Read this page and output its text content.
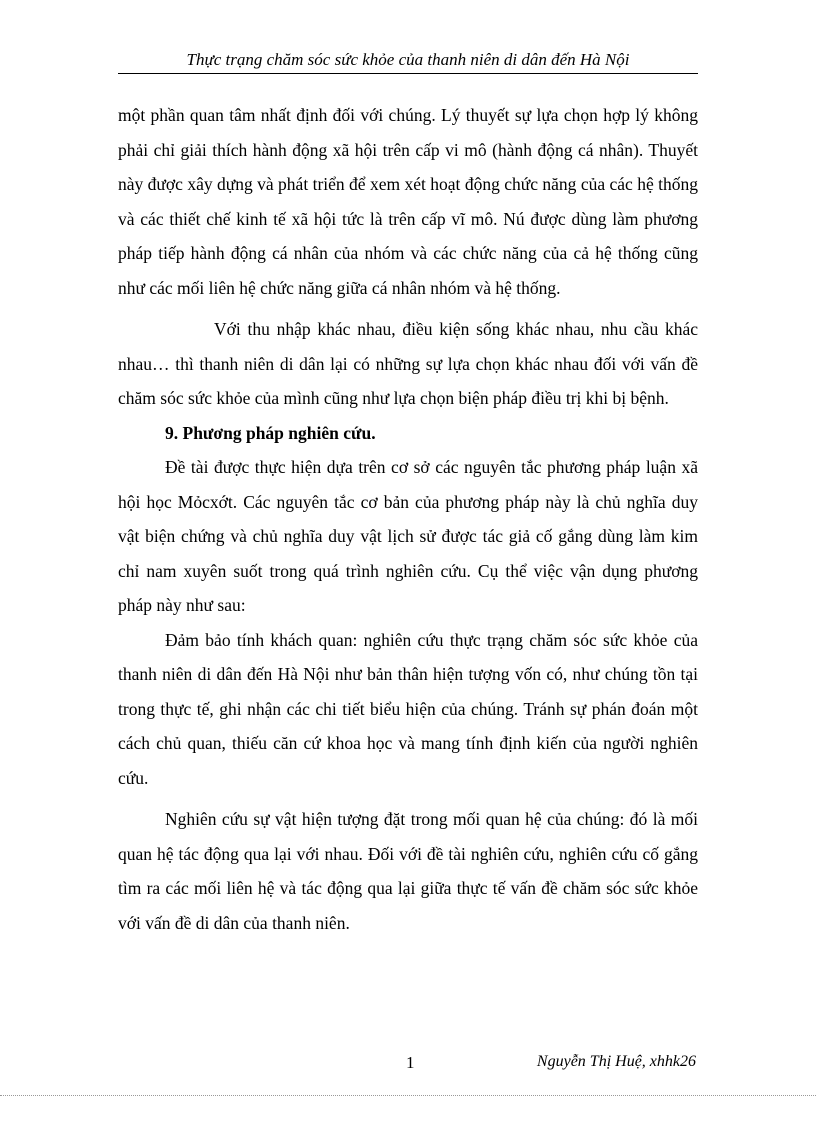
Thực trạng chăm sóc sức khỏe của thanh niên di dân đến Hà Nội

một phần quan tâm nhất định đối với chúng. Lý thuyết sự lựa chọn hợp lý không phải chỉ giải thích hành động xã hội trên cấp vi mô (hành động cá nhân). Thuyết này được xây dựng và phát triển để xem xét hoạt động chức năng của các hệ thống và các thiết chế kinh tế xã hội tức là trên cấp vĩ mô. Nú được dùng làm phương pháp tiếp hành động cá nhân của nhóm và các chức năng của cả hệ thống cũng như các mối liên hệ chức năng giữa cá nhân nhóm và hệ thống.

Với thu nhập khác nhau, điều kiện sống khác nhau, nhu cầu khác nhau… thì thanh niên di dân lại có những sự lựa chọn khác nhau đối với vấn đề chăm sóc sức khỏe của mình cũng như lựa chọn biện pháp điều trị khi bị bệnh.

9. Phương pháp nghiên cứu.

Đề tài được thực hiện dựa trên cơ sở các nguyên tắc phương pháp luận xã hội học Mỏcxớt. Các nguyên tắc cơ bản của phương pháp này là chủ nghĩa duy vật biện chứng và chủ nghĩa duy vật lịch sử được tác giả cố gắng dùng làm kim chỉ nam xuyên suốt trong quá trình nghiên cứu. Cụ thể việc vận dụng phương pháp này như sau:

Đảm bảo tính khách quan: nghiên cứu thực trạng chăm sóc sức khỏe của thanh niên di dân đến Hà Nội như bản thân hiện tượng vốn có, như chúng tồn tại trong thực tế, ghi nhận các chi tiết biểu hiện của chúng. Tránh sự phán đoán một cách chủ quan, thiếu căn cứ khoa học và mang tính định kiến của người nghiên cứu.

Nghiên cứu sự vật hiện tượng đặt trong mối quan hệ của chúng: đó là mối quan hệ tác động qua lại với nhau. Đối với đề tài nghiên cứu, nghiên cứu cố gắng tìm ra các mối liên hệ và tác động qua lại giữa thực tế vấn đề chăm sóc sức khỏe với vấn đề di dân của thanh niên.

1	Nguyễn Thị Huệ, xhhk26
